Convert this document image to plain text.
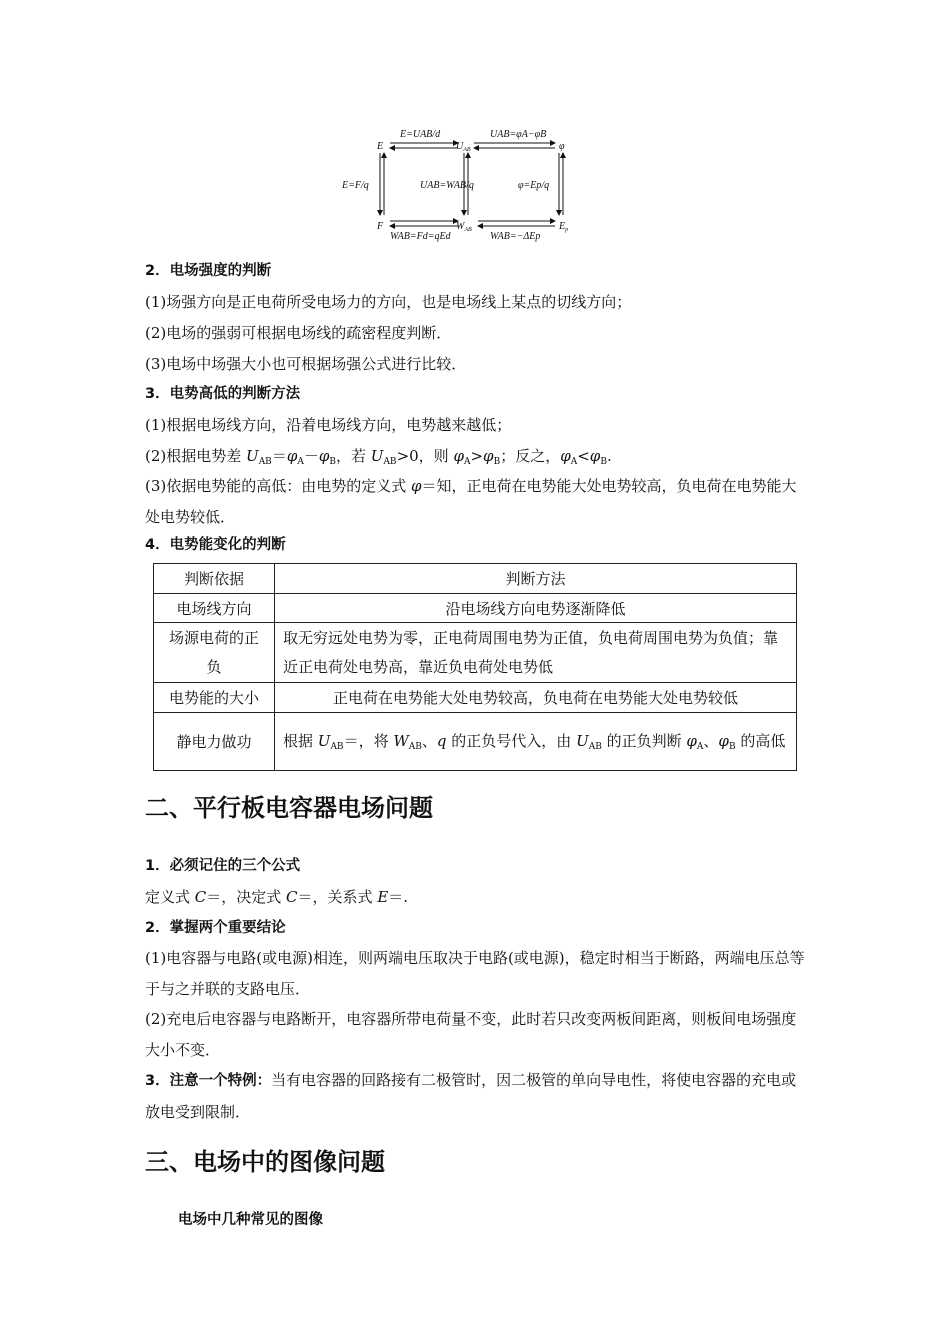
E	$U_{AB}$	φ
F	$W_{AB}$	$E_p$
E=UAB/d	UAB=φA−φB
E=F/q	UAB=WAB/q	φ=Ep/q
WAB=Fd=qEd	WAB=−ΔEp
2．电场强度的判断
(1)场强方向是正电荷所受电场力的方向，也是电场线上某点的切线方向；
(2)电场的强弱可根据电场线的疏密程度判断．
(3)电场中场强大小也可根据场强公式进行比较．
3．电势高低的判断方法
(1)根据电场线方向，沿着电场线方向，电势越来越低；
(2)根据电势差 $U_{AB}=\varphi_A-\varphi_B$，若 $U_{AB}>0$，则 $\varphi_A>\varphi_B$；反之，$\varphi_A<\varphi_B$.
(3)依据电势能的高低：由电势的定义式 φ＝知，正电荷在电势能大处电势较高，负电荷在电势能大处电势较低．
4．电势能变化的判断
判断依据	判断方法
电场线方向	沿电场线方向电势逐渐降低
场源电荷的正负	取无穷远处电势为零，正电荷周围电势为正值，负电荷周围电势为负值；靠近正电荷处电势高，靠近负电荷处电势低
电势能的大小	正电荷在电势能大处电势较高，负电荷在电势能大处电势较低
静电力做功	根据 $U_{AB}=$，将 $W_{AB}$、q 的正负号代入，由 $U_{AB}$ 的正负判断 $\varphi_A$、$\varphi_B$ 的高低
二、平行板电容器电场问题
1．必须记住的三个公式
定义式 C＝，决定式 C＝，关系式 E＝.
2．掌握两个重要结论
(1)电容器与电路(或电源)相连，则两端电压取决于电路(或电源)，稳定时相当于断路，两端电压总等于与之并联的支路电压．
(2)充电后电容器与电路断开，电容器所带电荷量不变，此时若只改变两板间距离，则板间电场强度大小不变．
3．注意一个特例：当有电容器的回路接有二极管时，因二极管的单向导电性，将使电容器的充电或放电受到限制．
三、电场中的图像问题
电场中几种常见的图像
